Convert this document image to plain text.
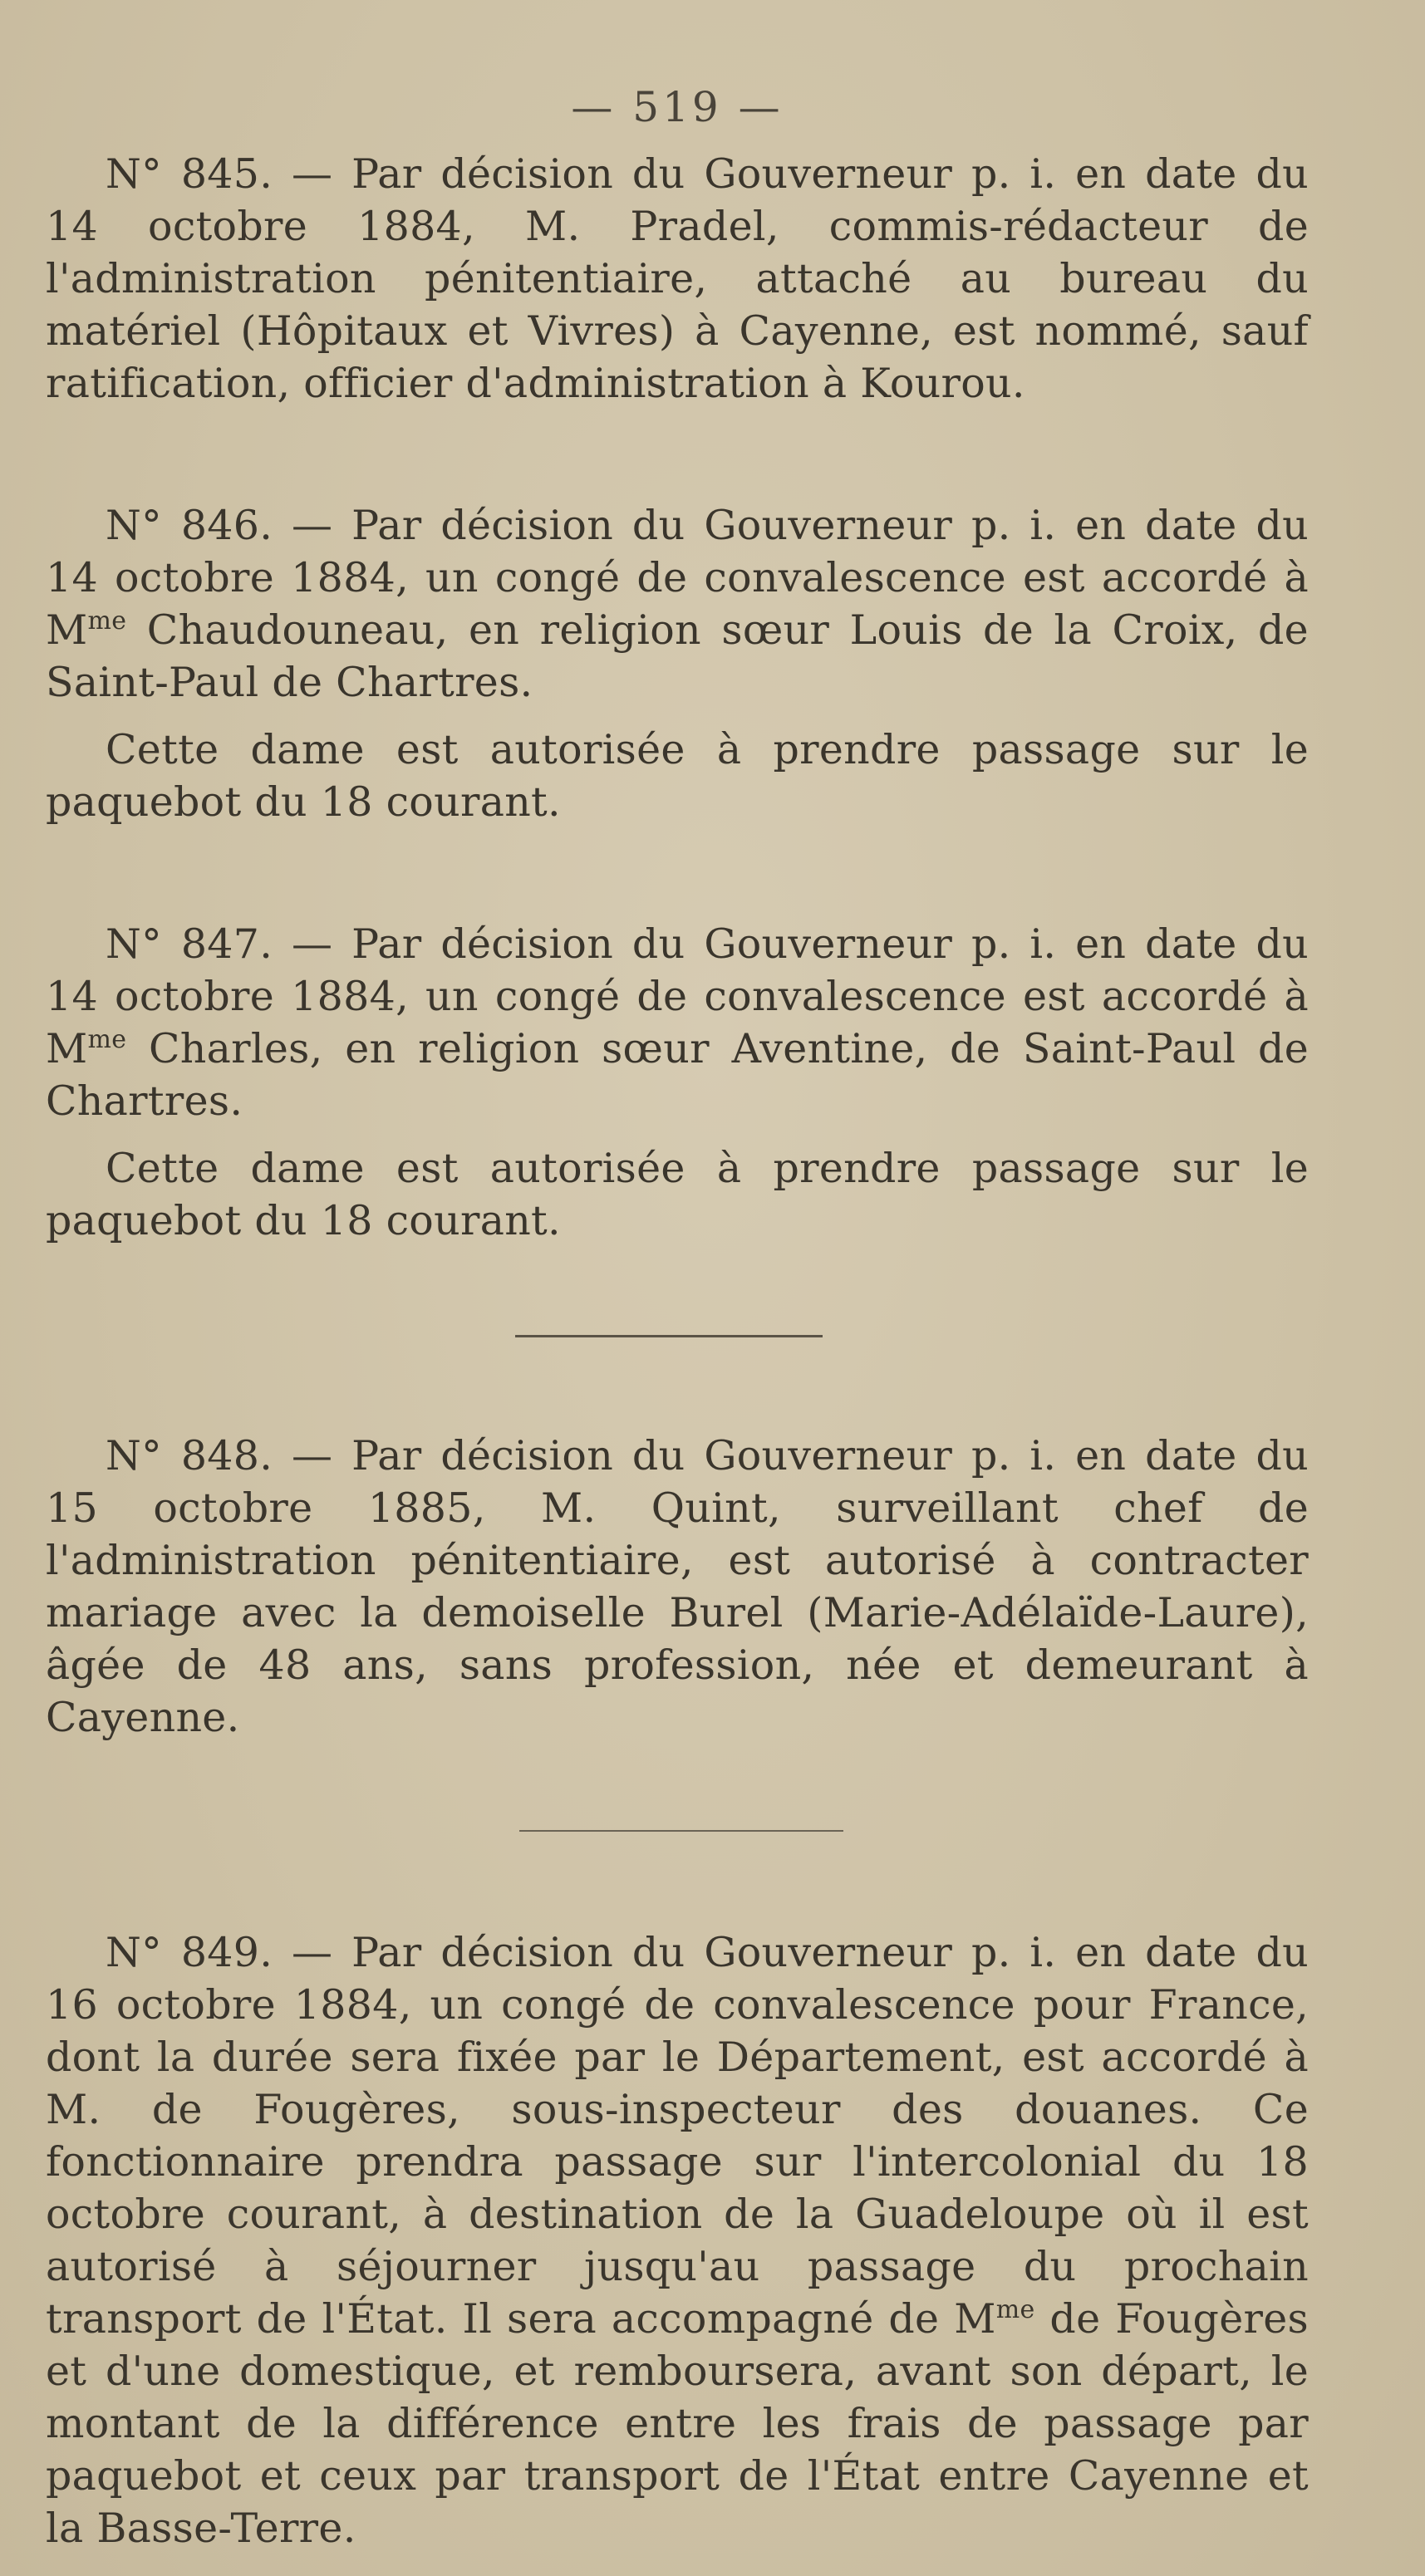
— 519 —

N° 845. — Par décision du Gouverneur p. i. en date du 14 octobre 1884, M. Pradel, commis-rédacteur de l'administration pénitentiaire, attaché au bureau du matériel (Hôpitaux et Vivres) à Cayenne, est nommé, sauf ratification, officier d'administration à Kourou.

N° 846. — Par décision du Gouverneur p. i. en date du 14 octobre 1884, un congé de convalescence est accordé à $M^{me}$ Chaudouneau, en religion sœur Louis de la Croix, de Saint-Paul de Chartres.

Cette dame est autorisée à prendre passage sur le paquebot du 18 courant.

N° 847. — Par décision du Gouverneur p. i. en date du 14 octobre 1884, un congé de convalescence est accordé à $M^{me}$ Charles, en religion sœur Aventine, de Saint-Paul de Chartres.

Cette dame est autorisée à prendre passage sur le paquebot du 18 courant.

N° 848. — Par décision du Gouverneur p. i. en date du 15 octobre 1885, M. Quint, surveillant chef de l'administration pénitentiaire, est autorisé à contracter mariage avec la demoiselle Burel (Marie-Adélaïde-Laure), âgée de 48 ans, sans profession, née et demeurant à Cayenne.

N° 849. — Par décision du Gouverneur p. i. en date du 16 octobre 1884, un congé de convalescence pour France, dont la durée sera fixée par le Département, est accordé à M. de Fougères, sous-inspecteur des douanes. Ce fonctionnaire prendra passage sur l'intercolonial du 18 octobre courant, à destination de la Guadeloupe où il est autorisé à séjourner jusqu'au passage du prochain transport de l'État. Il sera accompagné de $M^{me}$ de Fougères et d'une domestique, et remboursera, avant son départ, le montant de la différence entre les frais de passage par paquebot et ceux par transport de l'État entre Cayenne et la Basse-Terre.
